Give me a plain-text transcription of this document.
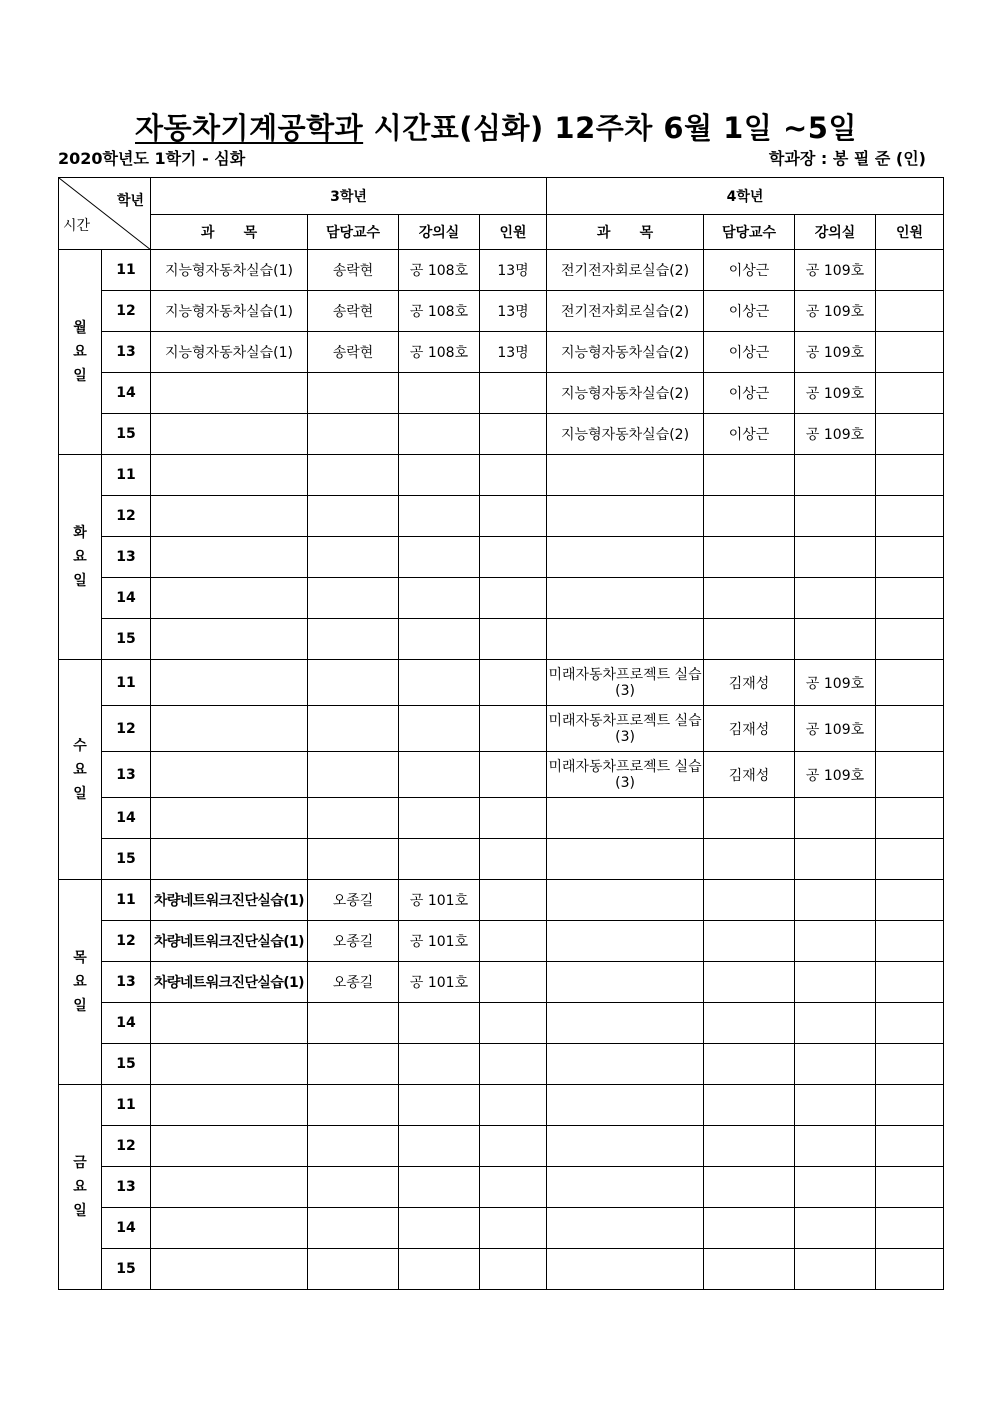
자동차기계공학과 시간표(심화) 12주차 6월 1일 ~5일
2020학년도 1학기 - 심화	학과장 : 봉 필 준 (인)
학년
시간		3학년				4학년			
		과      목	담당교수	강의실	인원	과      목	담당교수	강의실	인원

월
요
일	11	지능형자동차실습(1)	송락현	공 108호	13명	전기전자회로실습(2)	이상근	공 109호	
	12	지능형자동차실습(1)	송락현	공 108호	13명	전기전자회로실습(2)	이상근	공 109호	
	13	지능형자동차실습(1)	송락현	공 108호	13명	지능형자동차실습(2)	이상근	공 109호	
	14					지능형자동차실습(2)	이상근	공 109호	
	15					지능형자동차실습(2)	이상근	공 109호	

화
요
일	11								
	12								
	13								
	14								
	15								

수
요
일	11					미래자동차프로젝트 실습(3)	김재성	공 109호	
	12					미래자동차프로젝트 실습(3)	김재성	공 109호	
	13					미래자동차프로젝트 실습(3)	김재성	공 109호	
	14								
	15								

목
요
일	11	차량네트워크진단실습(1)	오종길	공 101호					
	12	차량네트워크진단실습(1)	오종길	공 101호					
	13	차량네트워크진단실습(1)	오종길	공 101호					
	14								
	15								

금
요
일	11								
	12								
	13								
	14								
	15								
